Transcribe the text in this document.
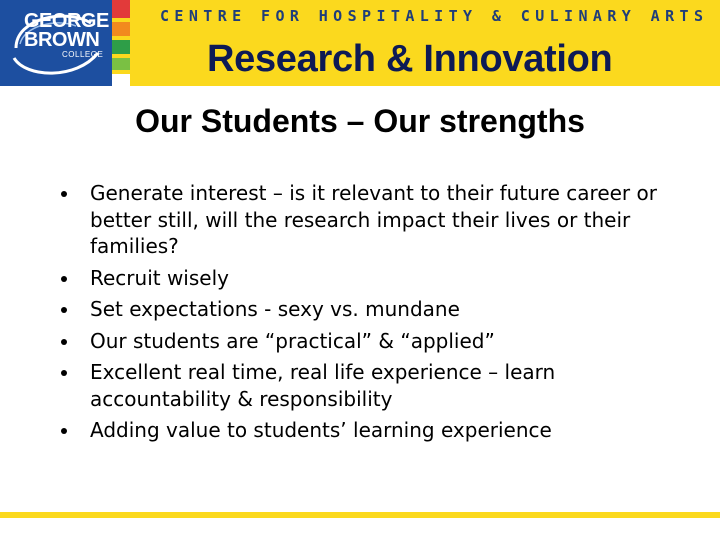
GEORGE
BROWN
COLLEGE
CENTRE FOR HOSPITALITY & CULINARY ARTS
Research & Innovation
Our Students – Our strengths
Generate interest – is it relevant to their future career or better still, will the research impact their lives or their families?
Recruit wisely
Set expectations - sexy vs. mundane
Our students are “practical” & “applied”
Excellent real time, real life experience – learn accountability & responsibility
Adding value to students’ learning experience
